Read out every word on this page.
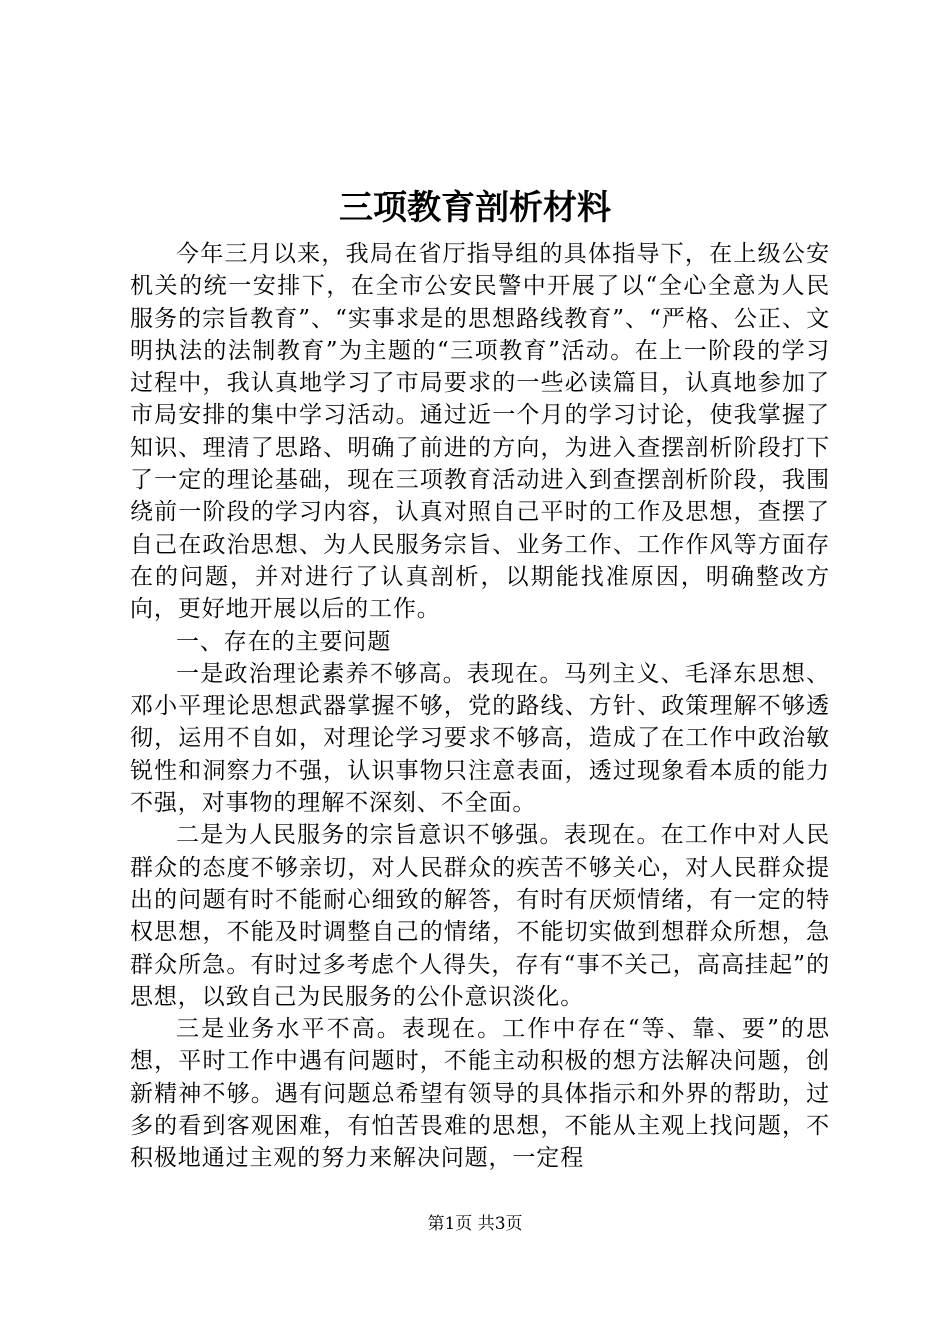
三项教育剖析材料

今年三月以来，我局在省厅指导组的具体指导下，在上级公安机关的统一安排下，在全市公安民警中开展了以“全心全意为人民服务的宗旨教育”、“实事求是的思想路线教育”、“严格、公正、文明执法的法制教育”为主题的“三项教育”活动。在上一阶段的学习过程中，我认真地学习了市局要求的一些必读篇目，认真地参加了市局安排的集中学习活动。通过近一个月的学习讨论，使我掌握了知识、理清了思路、明确了前进的方向，为进入查摆剖析阶段打下了一定的理论基础，现在三项教育活动进入到查摆剖析阶段，我围绕前一阶段的学习内容，认真对照自己平时的工作及思想，查摆了自己在政治思想、为人民服务宗旨、业务工作、工作作风等方面存在的问题，并对进行了认真剖析，以期能找准原因，明确整改方向，更好地开展以后的工作。

一、存在的主要问题

一是政治理论素养不够高。表现在。马列主义、毛泽东思想、邓小平理论思想武器掌握不够，党的路线、方针、政策理解不够透彻，运用不自如，对理论学习要求不够高，造成了在工作中政治敏锐性和洞察力不强，认识事物只注意表面，透过现象看本质的能力不强，对事物的理解不深刻、不全面。

二是为人民服务的宗旨意识不够强。表现在。在工作中对人民群众的态度不够亲切，对人民群众的疾苦不够关心，对人民群众提出的问题有时不能耐心细致的解答，有时有厌烦情绪，有一定的特权思想，不能及时调整自己的情绪，不能切实做到想群众所想，急群众所急。有时过多考虑个人得失，存有“事不关己，高高挂起”的思想，以致自己为民服务的公仆意识淡化。

三是业务水平不高。表现在。工作中存在“等、靠、要”的思想，平时工作中遇有问题时，不能主动积极的想方法解决问题，创新精神不够。遇有问题总希望有领导的具体指示和外界的帮助，过多的看到客观困难，有怕苦畏难的思想，不能从主观上找问题，不积极地通过主观的努力来解决问题，一定程

第1页 共3页
